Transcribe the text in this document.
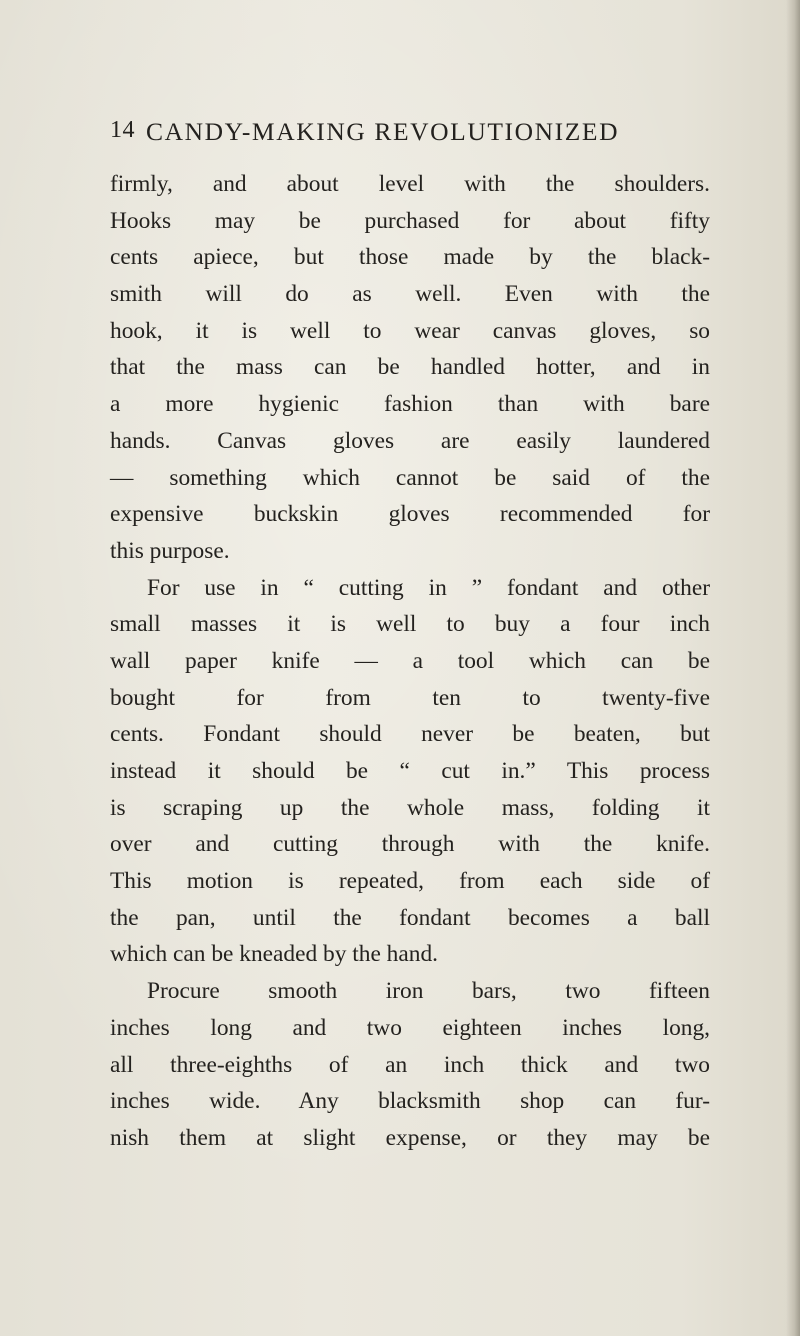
14 CANDY-MAKING REVOLUTIONIZED
firmly, and about level with the shoulders.
Hooks may be purchased for about fifty
cents apiece, but those made by the black-
smith will do as well. Even with the
hook, it is well to wear canvas gloves, so
that the mass can be handled hotter, and in
a more hygienic fashion than with bare
hands. Canvas gloves are easily laundered
— something which cannot be said of the
expensive buckskin gloves recommended for
this purpose.
For use in “ cutting in ” fondant and other
small masses it is well to buy a four inch
wall paper knife — a tool which can be
bought for from ten to twenty-five
cents. Fondant should never be beaten, but
instead it should be “ cut in.” This process
is scraping up the whole mass, folding it
over and cutting through with the knife.
This motion is repeated, from each side of
the pan, until the fondant becomes a ball
which can be kneaded by the hand.
Procure smooth iron bars, two fifteen
inches long and two eighteen inches long,
all three-eighths of an inch thick and two
inches wide. Any blacksmith shop can fur-
nish them at slight expense, or they may be
